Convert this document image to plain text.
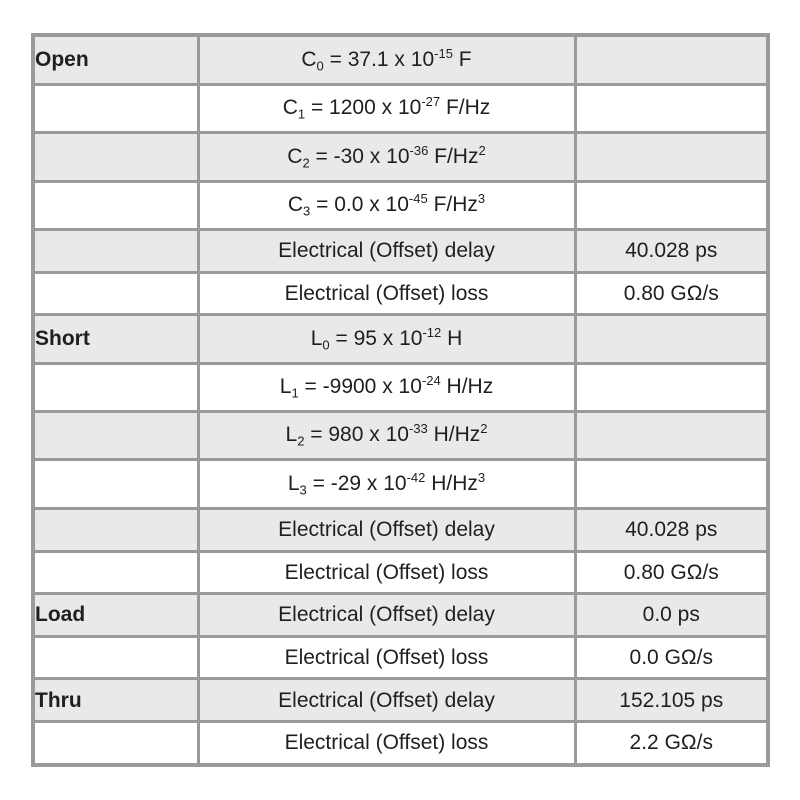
Open	$C_0 = 37.1$ x $10^{-15}$ F	
	$C_1 = 1200$ x $10^{-27}$ F/Hz	
	$C_2 = -30$ x $10^{-36}$ F/Hz$^2$	
	$C_3 = 0.0$ x $10^{-45}$ F/Hz$^3$	
	Electrical (Offset) delay	40.028 ps
	Electrical (Offset) loss	0.80 GΩ/s
Short	$L_0 = 95$ x $10^{-12}$ H	
	$L_1 = -9900$ x $10^{-24}$ H/Hz	
	$L_2 = 980$ x $10^{-33}$ H/Hz$^2$	
	$L_3 = -29$ x $10^{-42}$ H/Hz$^3$	
	Electrical (Offset) delay	40.028 ps
	Electrical (Offset) loss	0.80 GΩ/s
Load	Electrical (Offset) delay	0.0 ps
	Electrical (Offset) loss	0.0 GΩ/s
Thru	Electrical (Offset) delay	152.105 ps
	Electrical (Offset) loss	2.2 GΩ/s
